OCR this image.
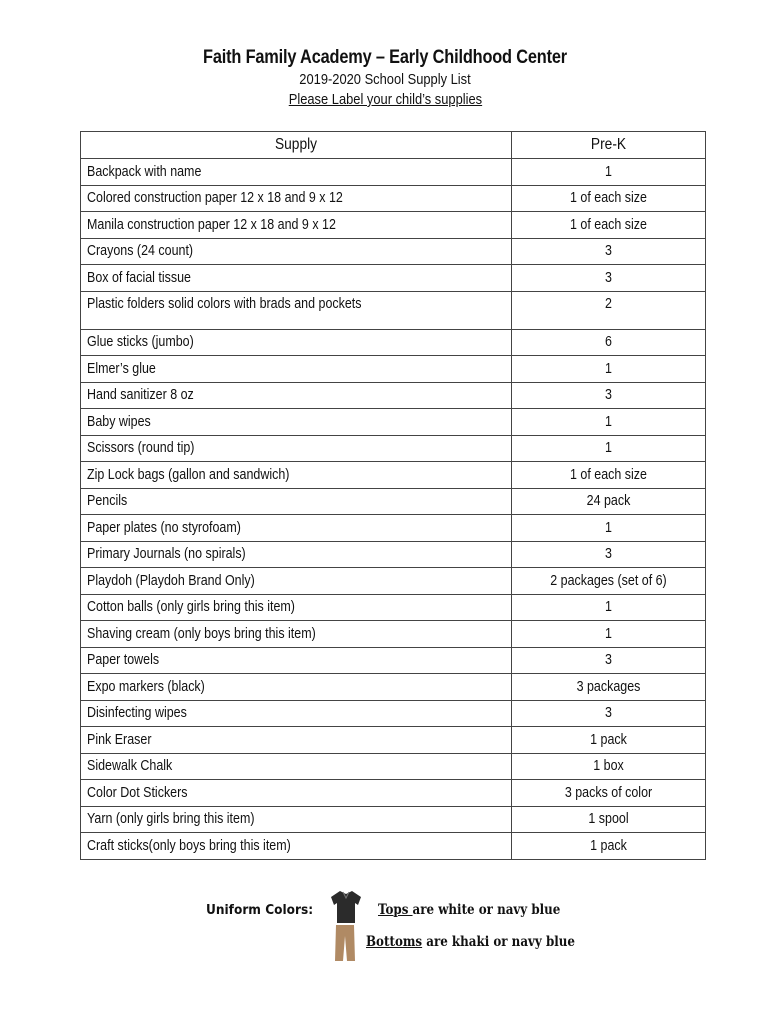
Faith Family Academy – Early Childhood Center
2019-2020 School Supply List
Please Label your child’s supplies
Supply	Pre-K

Backpack with name	1

Colored construction paper 12 x 18 and 9 x 12	1 of each size

Manila construction paper 12 x 18 and 9 x 12	1 of each size

Crayons (24 count)	3

Box of facial tissue	3

Plastic folders solid colors with brads and pockets	2

Glue sticks (jumbo)	6

Elmer’s glue	1

Hand sanitizer 8 oz	3

Baby wipes	1

Scissors (round tip)	1

Zip Lock bags (gallon and sandwich)	1 of each size

Pencils	24 pack

Paper plates (no styrofoam)	1

Primary Journals (no spirals)	3

Playdoh (Playdoh Brand Only)	2 packages (set of 6)

Cotton balls (only girls bring this item)	1

Shaving cream (only boys bring this item)	1

Paper towels	3

Expo markers (black)	3 packages

Disinfecting wipes	3

Pink Eraser	1 pack

Sidewalk Chalk	1 box

Color Dot Stickers	3 packs of color

Yarn (only girls bring this item)	1 spool

Craft sticks(only boys bring this item)	1 pack
Uniform Colors:	Tops are white or navy blue
Bottoms are khaki or navy blue
